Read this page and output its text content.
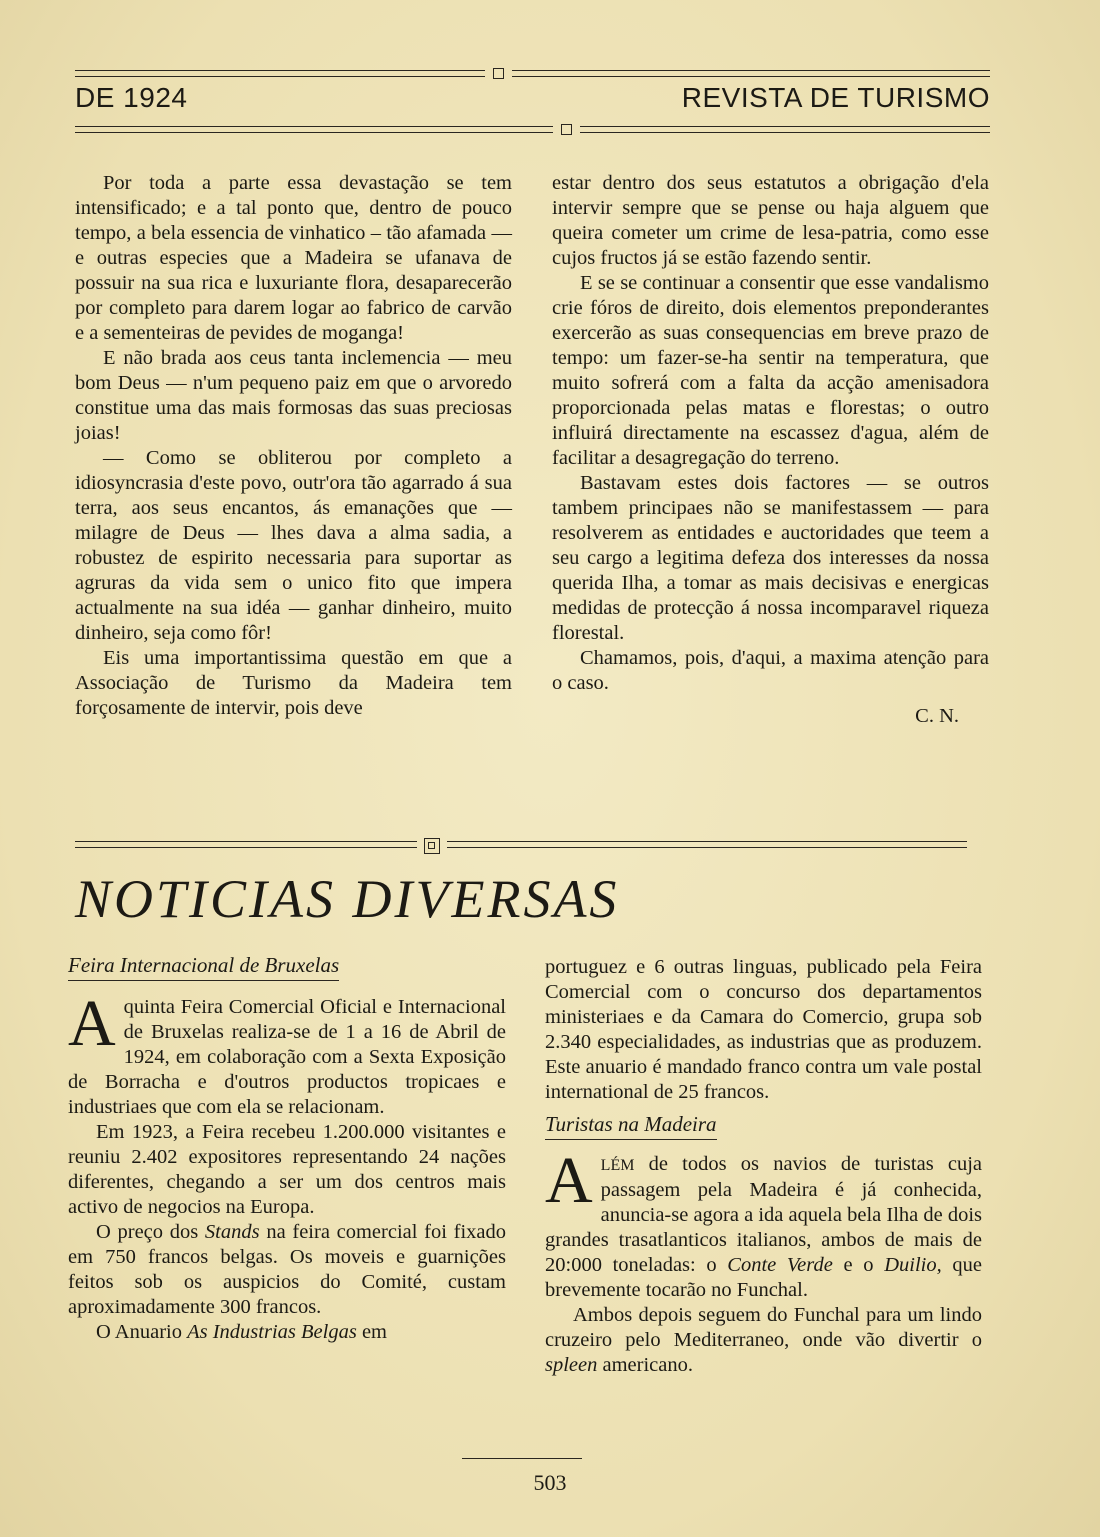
DE 1924	REVISTA DE TURISMO

Por toda a parte essa devastação se tem intensificado; e a tal ponto que, dentro de pouco tempo, a bela essencia de vinhatico – tão afamada — e outras especies que a Madeira se ufanava de possuir na sua rica e luxuriante flora, desaparecerão por completo para darem logar ao fabrico de carvão e a sementeiras de pevides de moganga!

E não brada aos ceus tanta inclemencia — meu bom Deus — n'um pequeno paiz em que o arvoredo constitue uma das mais formosas das suas preciosas joias!

— Como se obliterou por completo a idiosyncrasia d'este povo, outr'ora tão agarrado á sua terra, aos seus encantos, ás emanações que — milagre de Deus — lhes dava a alma sadia, a robustez de espirito necessaria para suportar as agruras da vida sem o unico fito que impera actualmente na sua idéa — ganhar dinheiro, muito dinheiro, seja como fôr!

Eis uma importantissima questão em que a Associação de Turismo da Madeira tem forçosamente de intervir, pois deve

estar dentro dos seus estatutos a obrigação d'ela intervir sempre que se pense ou haja alguem que queira cometer um crime de lesa-patria, como esse cujos fructos já se estão fazendo sentir.

E se se continuar a consentir que esse vandalismo crie fóros de direito, dois elementos preponderantes exercerão as suas consequencias em breve prazo de tempo: um fazer-se-ha sentir na temperatura, que muito sofrerá com a falta da acção amenisadora proporcionada pelas matas e florestas; o outro influirá directamente na escassez d'agua, além de facilitar a desagregação do terreno.

Bastavam estes dois factores — se outros tambem principaes não se manifestassem — para resolverem as entidades e auctoridades que teem a seu cargo a legitima defeza dos interesses da nossa querida Ilha, a tomar as mais decisivas e energicas medidas de protecção á nossa incomparavel riqueza florestal.

Chamamos, pois, d'aqui, a maxima atenção para o caso.

C. N.
NOTICIAS DIVERSAS
Feira Internacional de Bruxelas

Aquinta Feira Comercial Oficial e Internacional de Bruxelas realiza-se de 1 a 16 de Abril de 1924, em colaboração com a Sexta Exposição de Borracha e d'outros productos tropicaes e industriaes que com ela se relacionam.

Em 1923, a Feira recebeu 1.200.000 visitantes e reuniu 2.402 expositores representando 24 nações diferentes, chegando a ser um dos centros mais activo de negocios na Europa.

O preço dos Stands na feira comercial foi fixado em 750 francos belgas. Os moveis e guarnições feitos sob os auspicios do Comité, custam aproximadamente 300 francos.

O Anuario As Industrias Belgas em

portuguez e 6 outras linguas, publicado pela Feira Comercial com o concurso dos departamentos ministeriaes e da Camara do Comercio, grupa sob 2.340 especialidades, as industrias que as produzem. Este anuario é mandado franco contra um vale postal international de 25 francos.

Turistas na Madeira

ALÉM de todos os navios de turistas cuja passagem pela Madeira é já conhecida, anuncia-se agora a ida aquela bela Ilha de dois grandes trasatlanticos italianos, ambos de mais de 20:000 toneladas: o Conte Verde e o Duilio, que brevemente tocarão no Funchal.

Ambos depois seguem do Funchal para um lindo cruzeiro pelo Mediterraneo, onde vão divertir o spleen americano.

503
